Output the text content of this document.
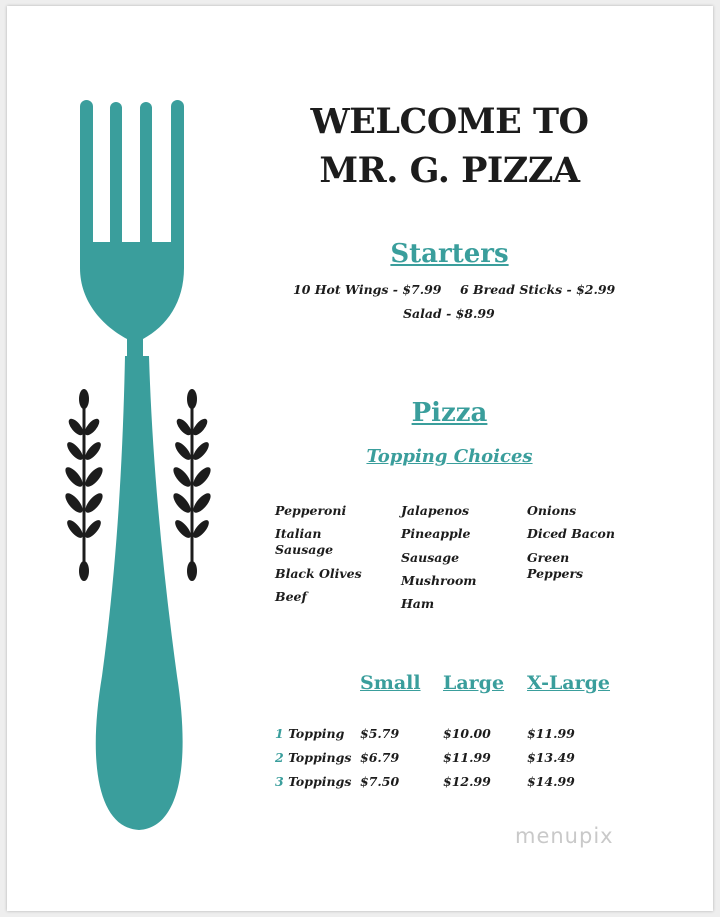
WELCOME TO
MR. G. PIZZA
Starters
10 Hot Wings - $7.99 6 Bread Sticks - $2.99
Salad - $8.99
Pizza
Topping Choices
Pepperoni
Italian Sausage
Black Olives
Beef
Jalapenos
Pineapple
Sausage
Mushroom
Ham
Onions
Diced Bacon
Green Peppers
Small Large X-Large
1 Topping $5.79	$10.00	$11.99
2 Toppings $6.79	$11.99	$13.49
3 Toppings $7.50	$12.99	$14.99
menupix
